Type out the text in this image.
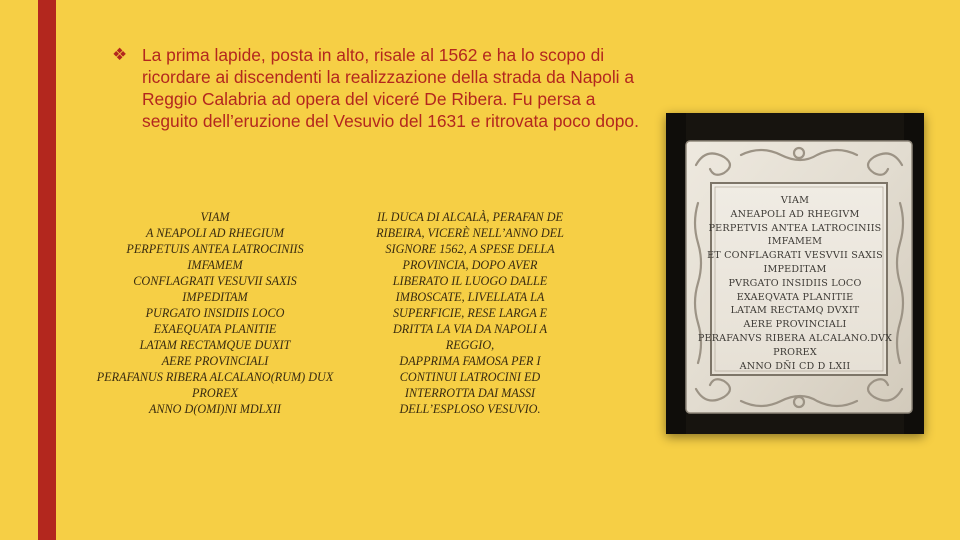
❖ La prima lapide, posta in alto, risale al 1562 e ha lo scopo di ricordare ai discendenti la realizzazione della strada da Napoli a Reggio Calabria ad opera del viceré De Ribera. Fu persa a seguito dell’eruzione del Vesuvio del 1631 e ritrovata poco dopo.
VIAM
A NEAPOLI AD RHEGIUM
PERPETUIS ANTEA LATROCINIIS
IMFAMEM
CONFLAGRATI VESUVII SAXIS
IMPEDITAM
PURGATO INSIDIIS LOCO
EXAEQUATA PLANITIE
LATAM RECTAMQUE DUXIT
AERE PROVINCIALI
PERAFANUS RIBERA ALCALANO(RUM) DUX
PROREX
ANNO D(OMI)NI MDLXII
IL DUCA DI ALCALÀ, PERAFAN DE
RIBEIRA, VICERÈ NELL’ANNO DEL
SIGNORE 1562, A SPESE DELLA
PROVINCIA, DOPO AVER
LIBERATO IL LUOGO DALLE
IMBOSCATE, LIVELLATA LA
SUPERFICIE, RESE LARGA E
DRITTA LA VIA DA NAPOLI A
REGGIO,
DAPPRIMA FAMOSA PER I
CONTINUI LATROCINI ED
INTERROTTA DAI MASSI
DELL’ESPLOSO VESUVIO.
VIAM
ANEAPOLI AD RHEGIVM
PERPETVIS ANTEA LATROCINIIS
IMFAMEM
ET CONFLAGRATI VESVVII SAXIS
IMPEDITAM
PVRGATO INSIDIIS LOCO
EXAEQVATA PLANITIE
LATAM RECTAMQ DVXIT
AERE PROVINCIALI
PERAFANVS RIBERA ALCALANO.DVX
PROREX
ANNO DÑI CD D LXII
